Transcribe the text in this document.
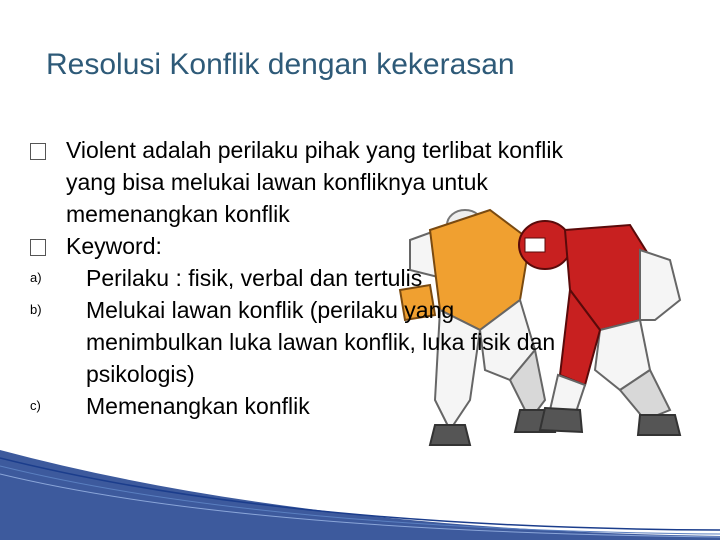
Resolusi Konflik dengan kekerasan
Violent adalah perilaku pihak yang terlibat konflik
yang bisa melukai lawan konfliknya untuk
memenangkan konflik
Keyword:
a) Perilaku : fisik, verbal dan tertulis
b) Melukai lawan konflik (perilaku yang
menimbulkan luka lawan konflik, luka fisik dan
psikologis)
c) Memenangkan konflik
